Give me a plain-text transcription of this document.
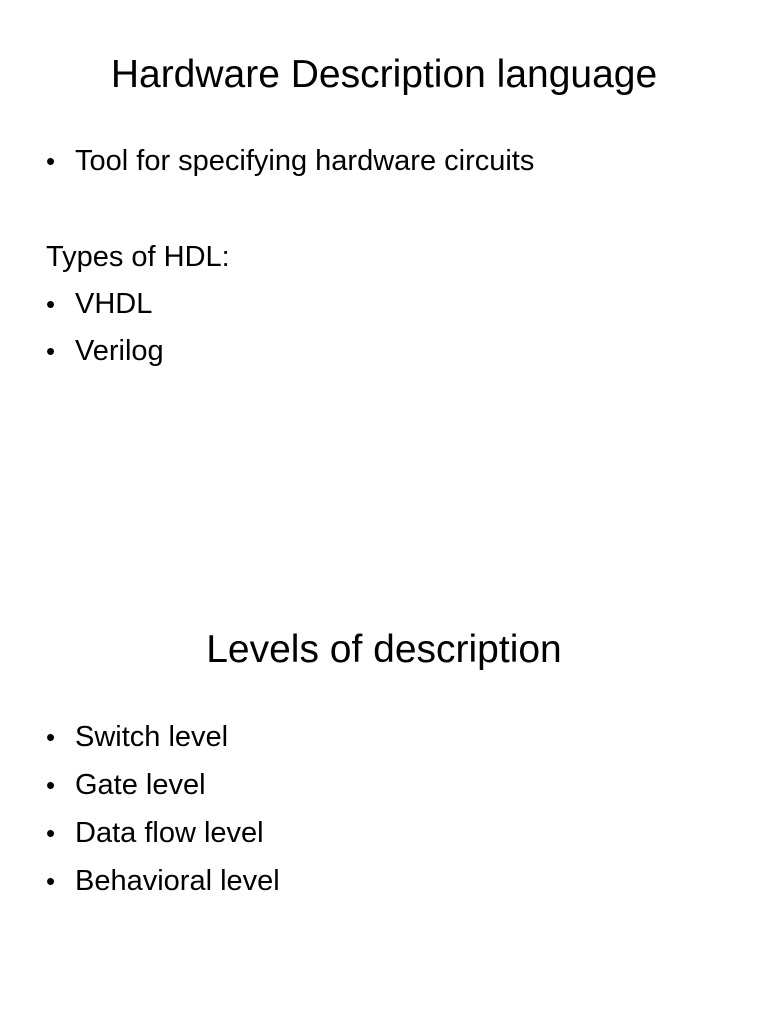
Hardware Description language
• Tool for specifying hardware circuits

Types of HDL:

• VHDL
• Verilog
Levels of description
• Switch level
• Gate level
• Data flow level
• Behavioral level
